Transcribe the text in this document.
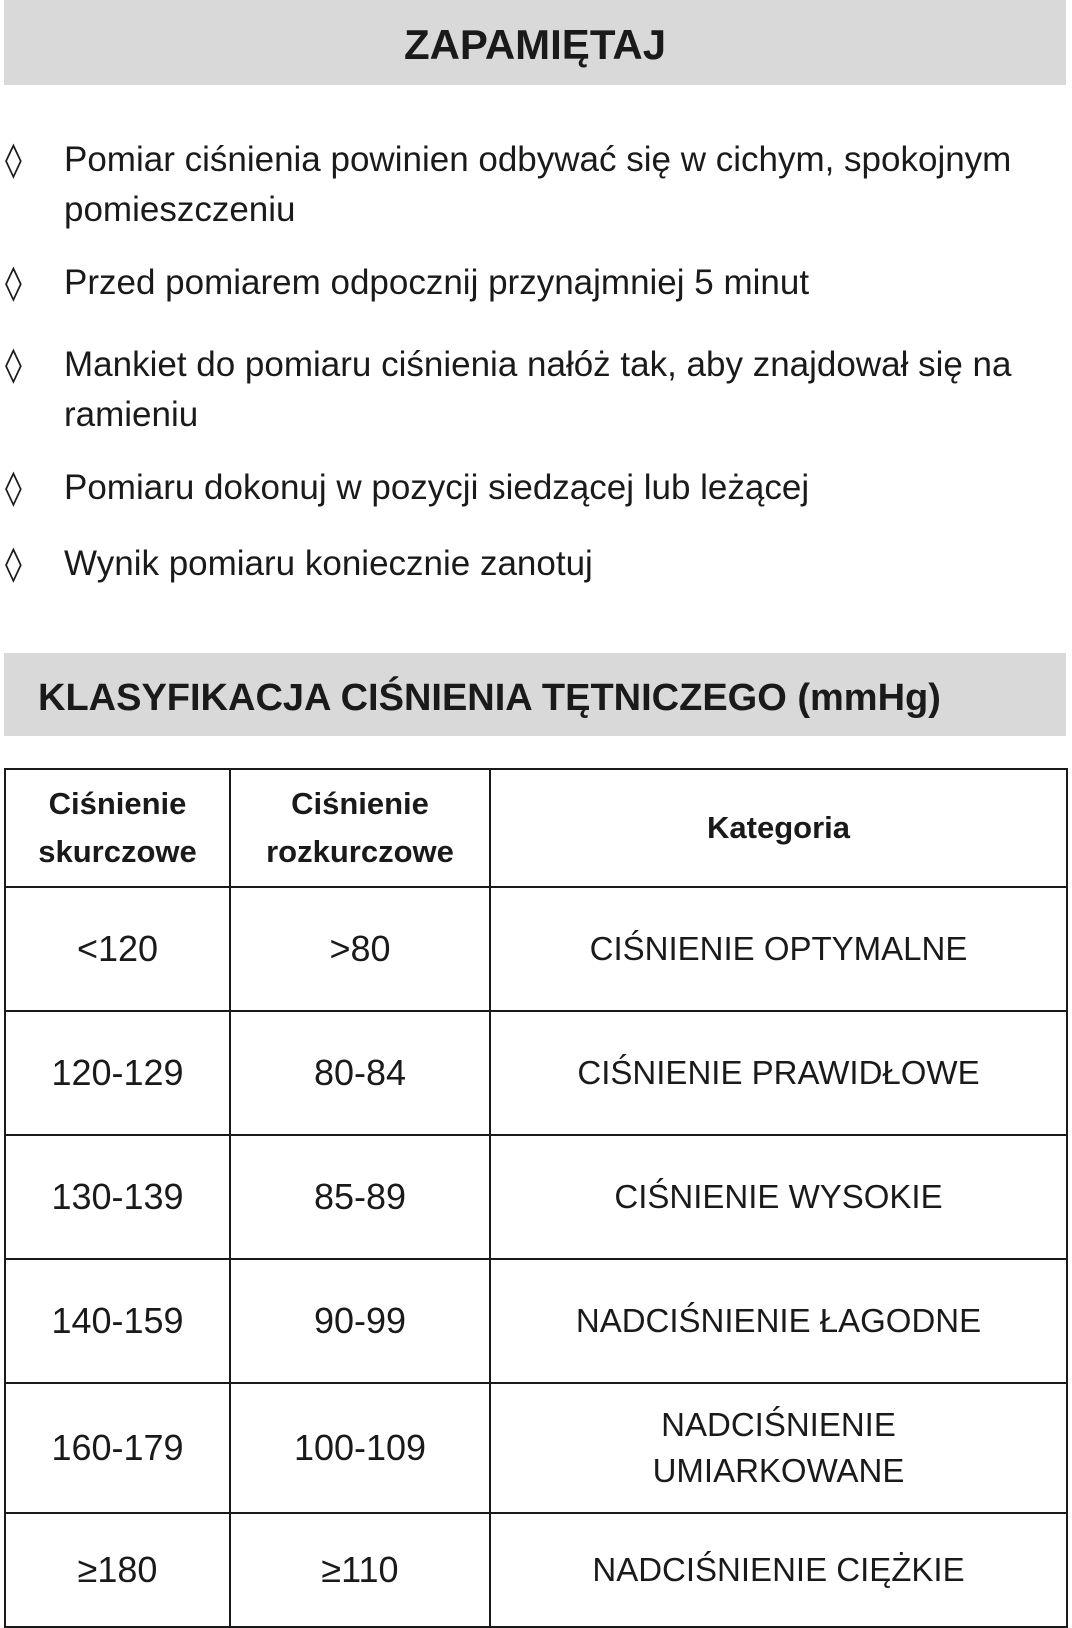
ZAPAMIĘTAJ
◊ Pomiar ciśnienia powinien odbywać się w cichym, spokojnym pomieszczeniu
◊ Przed pomiarem odpocznij przynajmniej 5 minut
◊ Mankiet do pomiaru ciśnienia nałóż tak, aby znajdował się na ramieniu
◊ Pomiaru dokonuj w pozycji siedzącej lub leżącej
◊ Wynik pomiaru koniecznie zanotuj
KLASYFIKACJA CIŚNIENIA TĘTNICZEGO (mmHg)
Ciśnienie skurczowe	Ciśnienie rozkurczowe	Kategoria
<120	>80	CIŚNIENIE OPTYMALNE
120-129	80-84	CIŚNIENIE PRAWIDŁOWE
130-139	85-89	CIŚNIENIE WYSOKIE
140-159	90-99	NADCIŚNIENIE ŁAGODNE
160-179	100-109	NADCIŚNIENIE UMIARKOWANE
≥180	≥110	NADCIŚNIENIE CIĘŻKIE
